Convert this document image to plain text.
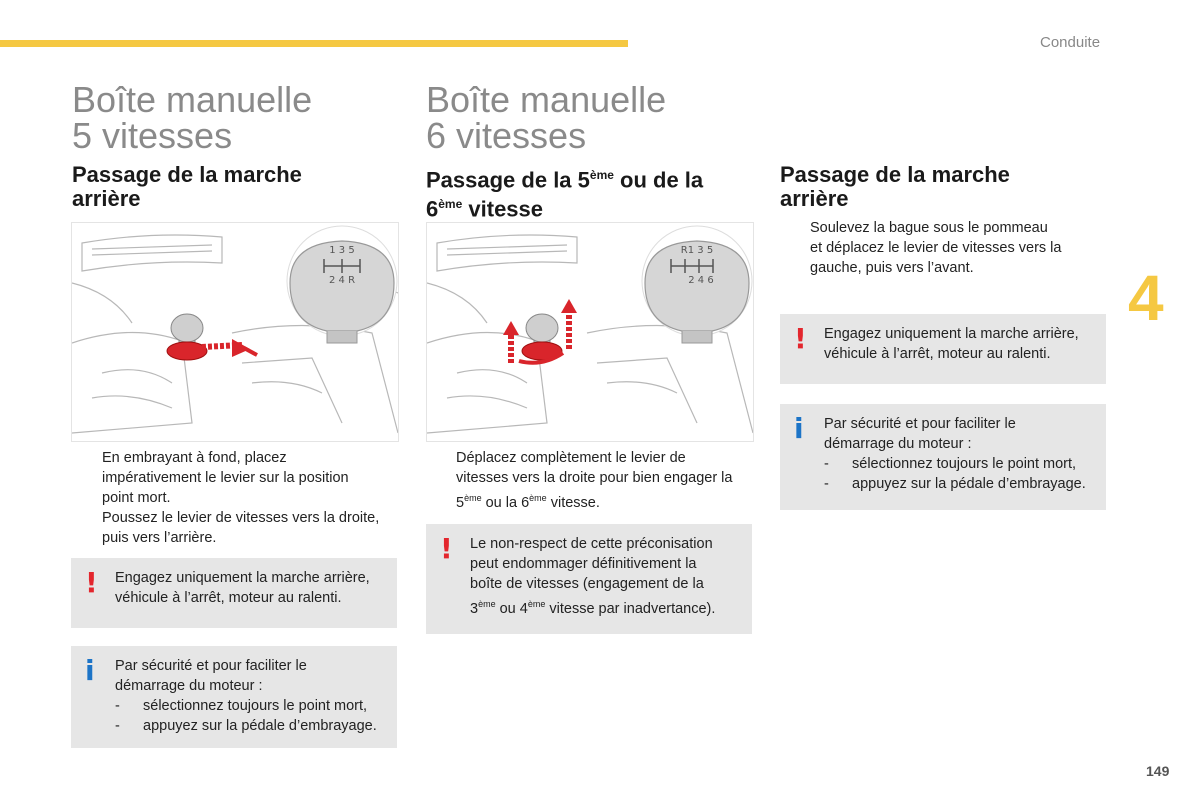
Conduite
4
149
Boîte manuelle
5 vitesses
Passage de la marche
arrière
1 3 5
2 4 R
En embrayant à fond, placez
impérativement le levier sur la position
point mort.
Poussez le levier de vitesses vers la droite,
puis vers l’arrière.
! Engagez uniquement la marche arrière,
véhicule à l’arrêt, moteur au ralenti.
i Par sécurité et pour faciliter le
démarrage du moteur :
- sélectionnez toujours le point mort,
- appuyez sur la pédale d’embrayage.
Boîte manuelle
6 vitesses
Passage de la 5ème ou de la
6ème vitesse
R1 3 5
2 4 6
Déplacez complètement le levier de
vitesses vers la droite pour bien engager la
5ème ou la 6ème vitesse.
! Le non-respect de cette préconisation
peut endommager définitivement la
boîte de vitesses (engagement de la
3ème ou 4ème vitesse par inadvertance).
Passage de la marche
arrière
Soulevez la bague sous le pommeau
et déplacez le levier de vitesses vers la
gauche, puis vers l’avant.
! Engagez uniquement la marche arrière,
véhicule à l’arrêt, moteur au ralenti.
i Par sécurité et pour faciliter le
démarrage du moteur :
- sélectionnez toujours le point mort,
- appuyez sur la pédale d’embrayage.
